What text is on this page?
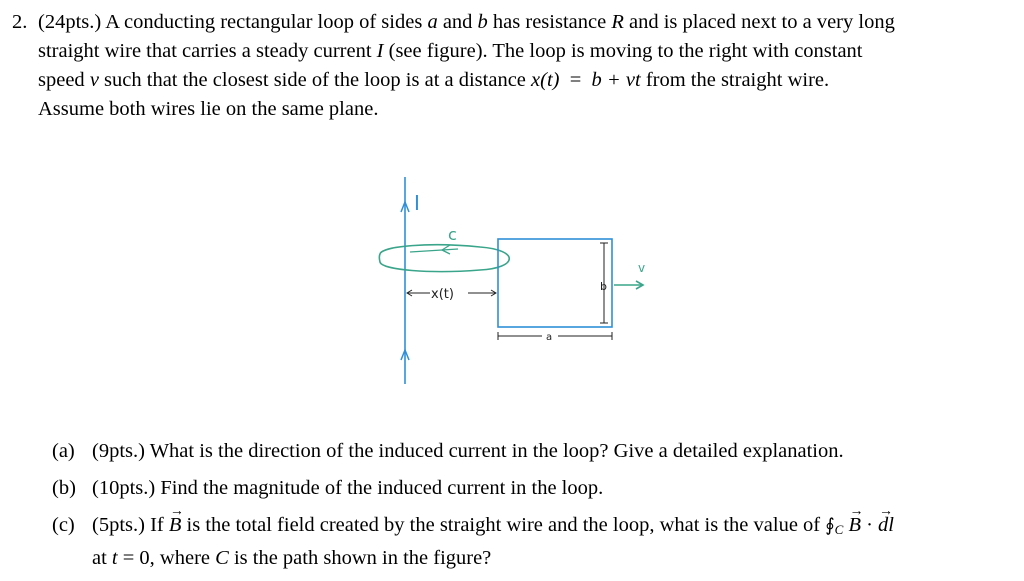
2. (24pts.) A conducting rectangular loop of sides a and b has resistance R and is placed next to a very long
straight wire that carries a steady current I (see figure). The loop is moving to the right with constant
speed v such that the closest side of the loop is at a distance x(t) = b + vt from the straight wire.
Assume both wires lie on the same plane.
I
c
x(t)
b
a
v
(a) (9pts.) What is the direction of the induced current in the loop? Give a detailed explanation.
(b) (10pts.) Find the magnitude of the induced current in the loop.
(c) (5pts.) If B → is the total field created by the straight wire and the loop, what is the value of $∮_C$ B → · dl →
at t = 0, where C is the path shown in the figure?
